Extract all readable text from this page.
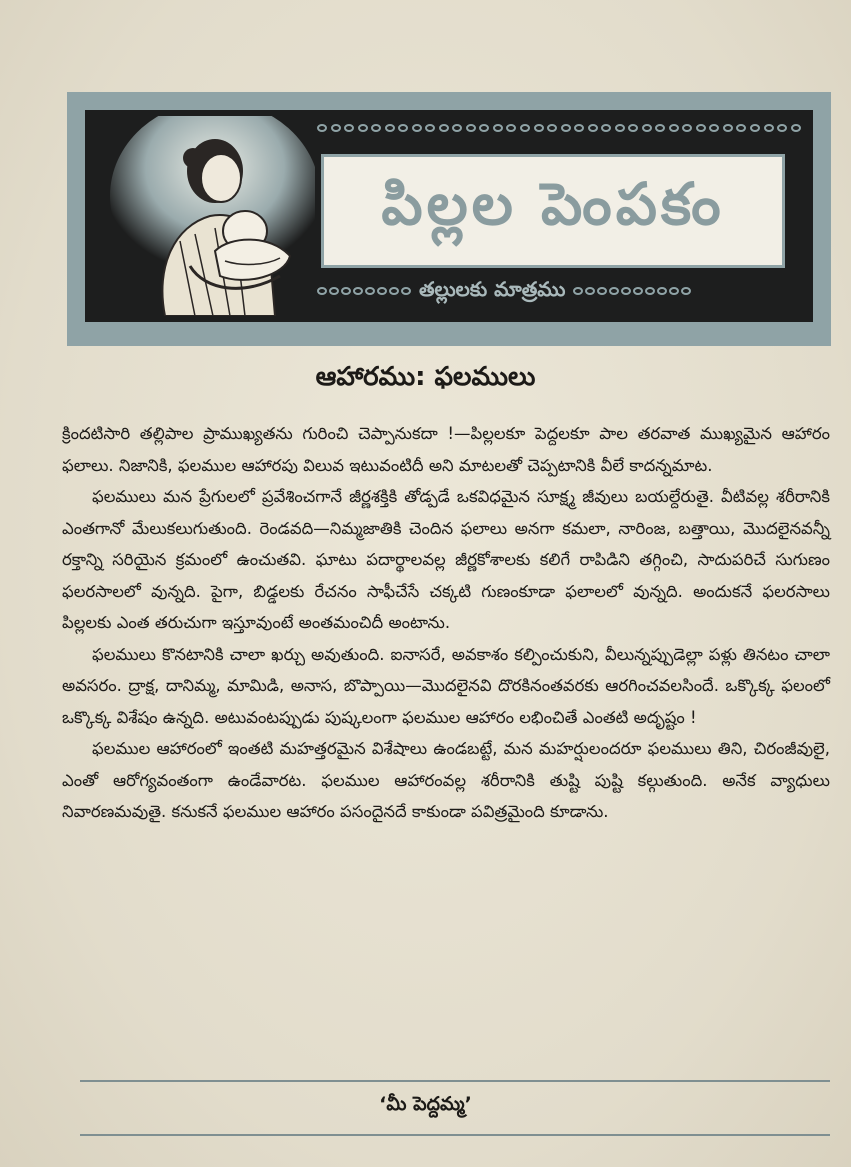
పిల్లల పెంపకం
తల్లులకు మాత్రము
ఆహారము: ఫలములు

క్రిందటిసారి తల్లిపాల ప్రాముఖ్యతను గురించి చెప్పానుకదా !—పిల్లలకూ పెద్దలకూ పాల తరవాత ముఖ్యమైన ఆహారం ఫలాలు. నిజానికి, ఫలముల ఆహారపు విలువ ఇటువంటిదీ అని మాటలతో చెప్పటానికి వీలే కాదన్నమాట.

ఫలములు మన ప్రేగులలో ప్రవేశించగానే జీర్ణశక్తికి తోడ్పడే ఒకవిధమైన సూక్ష్మ జీవులు బయల్దేరుతై. వీటివల్ల శరీరానికి ఎంతగానో మేలుకలుగుతుంది. రెండవది—నిమ్మజాతికి చెందిన ఫలాలు అనగా కమలా, నారింజ, బత్తాయి, మొదలైనవన్నీ రక్తాన్ని సరియైన క్రమంలో ఉంచుతవి. ఘాటు పదార్థాలవల్ల జీర్ణకోశాలకు కలిగే రాపిడిని తగ్గించి, సాదుపరిచే సుగుణం ఫలరసాలలో వున్నది. పైగా, బిడ్డలకు రేచనం సాఫీచేసే చక్కటి గుణంకూడా ఫలాలలో వున్నది. అందుకనే ఫలరసాలు పిల్లలకు ఎంత తరుచుగా ఇస్తూవుంటే అంతమంచిదీ అంటాను.

ఫలములు కొనటానికి చాలా ఖర్చు అవుతుంది. ఐనాసరే, అవకాశం కల్పించుకుని, వీలున్నప్పుడెల్లా పళ్లు తినటం చాలా అవసరం. ద్రాక్ష, దానిమ్మ, మామిడి, అనాస, బొప్పాయి—మొదలైనవి దొరకినంతవరకు ఆరగించవలసిందే. ఒక్కొక్క ఫలంలో ఒక్కొక్క విశేషం ఉన్నది. అటువంటప్పుడు పుష్కలంగా ఫలముల ఆహారం లభించితే ఎంతటి అదృష్టం !

ఫలముల ఆహారంలో ఇంతటి మహత్తరమైన విశేషాలు ఉండబట్టే, మన మహర్షులందరూ ఫలములు తిని, చిరంజీవులై, ఎంతో ఆరోగ్యవంతంగా ఉండేవారట. ఫలముల ఆహారంవల్ల శరీరానికి తుష్టి పుష్టి కల్గుతుంది. అనేక వ్యాధులు నివారణమవుతై. కనుకనే ఫలముల ఆహారం పసందైనదే కాకుండా పవిత్రమైంది కూడాను.

‘మీ పెద్దమ్మ’
